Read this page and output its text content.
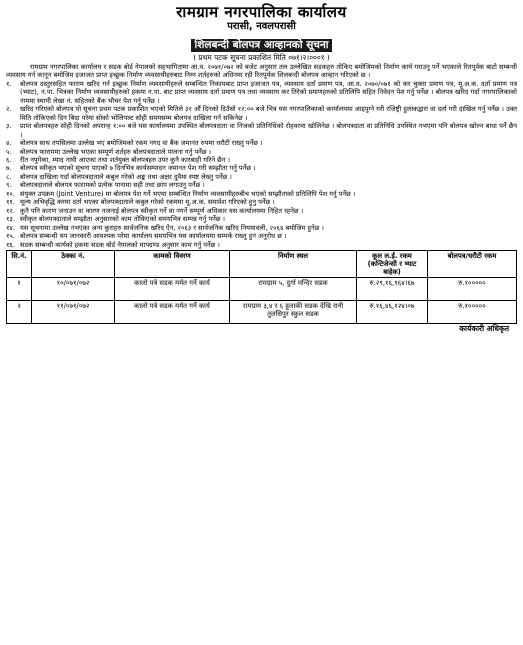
रामग्राम नगरपालिका कार्यालय
परासी, नवलपरासी
शिलबन्दी बोलपत्र आव्हानको सूचना
( प्रथम पटक सूचना प्रकाशित मिति ०७१।२।०००१ )

रामग्राम नगरपालिका कार्यालय र सडक बोर्ड नेपालको सहभागितामा आ.व. २०७१/०७२ को बजेट अनुसार तल उल्लेखित सडकहरु तोकिए बमोजिमको निर्माण कार्य गराउनु पर्ने भएकाले रितपूर्वक बाटो सम्बन्धी व्यवसाय गर्न कानून बमोजिम इजाजत प्राप्त इच्छुक निर्माण व्यवसायीहरुबाट निम्न शर्तहरुको अधिनमा रही रितपूर्वक शिलबन्दी बोलपत्र आव्हान गरिएको छ ।

१.	बोलपत्र दस्तुरसहित फाराम खरिद गर्न इच्छुक निर्माण व्यवसायीहरुले सम्बन्धित निकायबाट प्राप्त इजाजत पत्र, व्यवसाय दर्ता प्रमाण पत्र, आ.व. २०७०/०७१ को कर चुक्ता प्रमाण पत्र, मू.अ.क. दर्ता प्रमाण पत्र (भ्याट), न.पा. भित्रका निर्माण व्यवसायीहरुको हकमा न.पा. बाट प्राप्त व्यवसाय दर्ता प्रमाण पत्र तथा व्यवसाय कर तिरेको प्रमाणहरुको प्रतिलिपि सहित निवेदन पेश गर्नु पर्नेछ । बोलपत्र खरिद गर्दा नगरपालिकाको नाममा स्थायी लेखा नं. सहितको बैंक भौचर पेश गर्नु पर्नेछ ।
२.	खरिद गरिएको बोलपत्र यो सूचना प्रथम पटक प्रकाशित भएको मितिले ३१ औं दिनको दिउँसो १२:०० बजे भित्र यस नगरपालिकाको कार्यालयमा आइपुग्ने गरी रजिष्ट्री हुलाकद्वारा वा दर्ता गरी दाखिल गर्नु पर्नेछ । उक्त मिति तोकिएको दिन बिदा परेमा सोको भोलिपल्ट सोही समयसम्म बोलपत्र दाखिला गर्न सकिनेछ ।
३.	प्राप्त बोलपत्रहरु सोही दिनको अपरान्ह १:०० बजे यस कार्यालयमा उपस्थित बोलपत्रदाता वा निजको प्रतिनिधिको रोहवरमा खोलिनेछ । बोलपत्रदाता वा प्रतिनिधि उपस्थित नभएमा पनि बोलपत्र खोल्न बाधा पर्ने छैन ।
४.	बोलपत्र साथ तपसिलमा उल्लेख भए बमोजिमको रकम नगद वा बैंक जमानत रुपमा धरौटी राख्नु पर्नेछ ।
५.	बोलपत्र फाराममा उल्लेख भएका सम्पूर्ण शर्तहरु बोलपत्रदाताले पालना गर्नु पर्नेछ ।
६.	रीत नपुगेका, म्याद नाघी आएका तथा शर्तयुक्त बोलपत्रहरु उपर कुनै कारबाही गरिने छैन ।
७.	बोलपत्र स्वीकृत भएको सूचना पाएको ७ दिनभित्र कार्यसम्पादन जमानत पेश गरी सम्झौता गर्नु पर्नेछ ।
८.	बोलपत्र दाखिला गर्दा बोलपत्रदाताले कबुल गरेको अङ्क तथा अक्षर दुवैमा स्पष्ट लेख्नु पर्नेछ ।
९.	बोलपत्रदाताले बोलपत्र फारामको प्रत्येक पानामा सही तथा छाप लगाउनु पर्नेछ ।
१०. संयुक्त उपक्रम (Joint Venture) मा बोलपत्र पेश गर्ने भएमा सम्बन्धित निर्माण व्यवसायीहरुबीच भएको सम्झौताको प्रतिलिपि पेश गर्नु पर्नेछ ।
११. मूल्य अभिवृद्धि करमा दर्ता भएका बोलपत्रदाताले कबुल गरेको रकममा मू.अ.क. समावेश गरिएको हुनु पर्नेछ ।
१२. कुनै पनि कारण जनाउन वा कारण नजनाई बोलपत्र स्वीकृत गर्ने वा नगर्ने सम्पूर्ण अधिकार यस कार्यालयमा निहित रहनेछ ।
१३. स्वीकृत बोलपत्रदाताले सम्झौता अनुसारको काम तोकिएको समयभित्र सम्पन्न गर्नु पर्नेछ ।
१४. यस सूचनामा उल्लेख नभएका अन्य कुराहरु सार्वजनिक खरिद ऐन, २०६३ र सार्वजनिक खरिद नियमावली, २०६४ बमोजिम हुनेछ ।
१५. बोलपत्र सम्बन्धी थप जानकारी आवश्यक परेमा कार्यालय समयभित्र यस कार्यालयमा सम्पर्क राख्नु हुन अनुरोध छ ।
१६. सडक सम्बन्धी कार्यको हकमा सडक बोर्ड नेपालको मापदण्ड अनुसार काम गर्नु पर्नेछ ।
सि.नं.	ठेक्का नं.	कामको विवरण	निर्माण स्थल	कूल ल.ई. रकम (कन्टिजेन्सी र भ्याट बाहेक)	बोलपत्र/धरौटी रकम
१	१०/०७१/०७२	कालो पत्रे सडक मर्मत गर्ने कार्य	रामग्राम ५, दुर्गा मन्दिर सडक	रु.२९,१६,९६४।६७	रु.१०००००
२	११/०७१/०७२	कालो पत्रे सडक मर्मत गर्ने कार्य	रामग्राम ३,४ र ६ हुलाकी सडक देखि रानी तुलसिपुर स्कुल सडक	रु.१६,४६,१२४।०७	रु.१०००००
कार्यकारी अधिकृत
